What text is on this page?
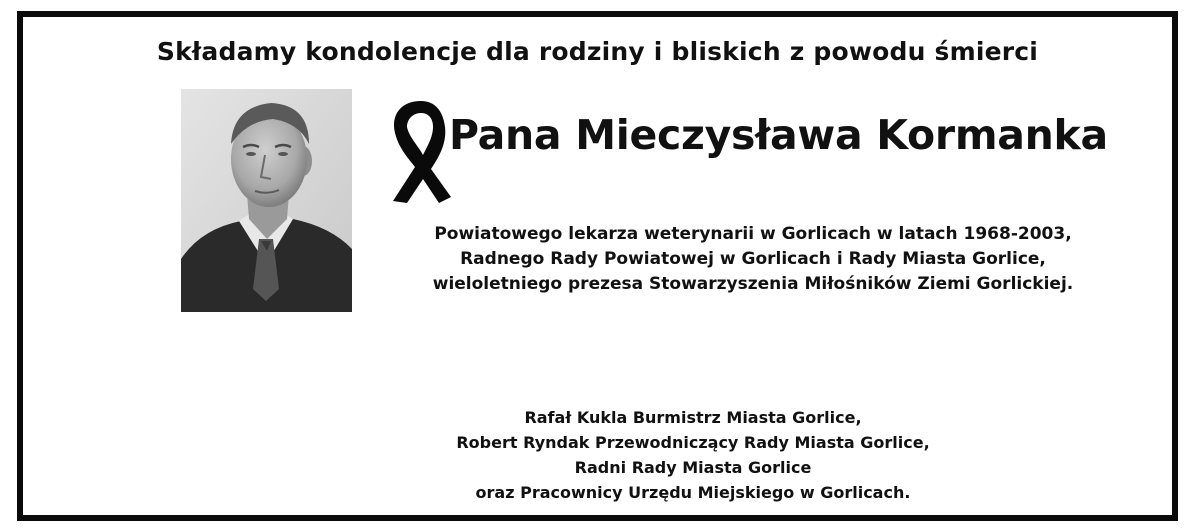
Składamy kondolencje dla rodziny i bliskich z powodu śmierci
Pana Mieczysława Kormanka
Powiatowego lekarza weterynarii w Gorlicach w latach 1968-2003,
Radnego Rady Powiatowej w Gorlicach i Rady Miasta Gorlice,
wieloletniego prezesa Stowarzyszenia Miłośników Ziemi Gorlickiej.
Rafał Kukla Burmistrz Miasta Gorlice,
Robert Ryndak Przewodniczący Rady Miasta Gorlice,
Radni Rady Miasta Gorlice
oraz Pracownicy Urzędu Miejskiego w Gorlicach.
